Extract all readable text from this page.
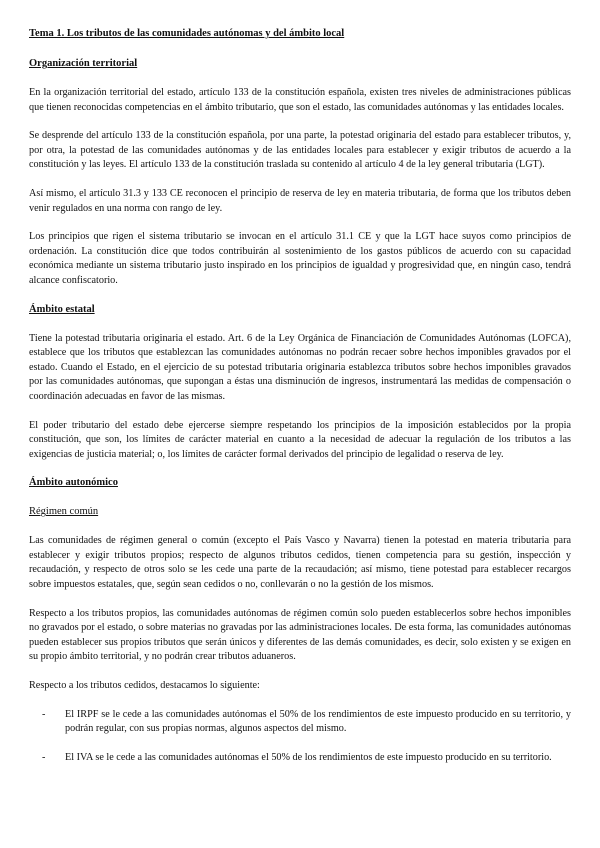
Tema 1. Los tributos de las comunidades autónomas y del ámbito local
Organización territorial

En la organización territorial del estado, artículo 133 de la constitución española, existen tres niveles de administraciones públicas que tienen reconocidas competencias en el ámbito tributario, que son el estado, las comunidades autónomas y las entidades locales.

Se desprende del artículo 133 de la constitución española, por una parte, la potestad originaria del estado para establecer tributos, y, por otra, la potestad de las comunidades autónomas y de las entidades locales para establecer y exigir tributos de acuerdo a la constitución y las leyes. El artículo 133 de la constitución traslada su contenido al artículo 4 de la ley general tributaria (LGT).

Así mismo, el artículo 31.3 y 133 CE reconocen el principio de reserva de ley en materia tributaria, de forma que los tributos deben venir regulados en una norma con rango de ley.

Los principios que rigen el sistema tributario se invocan en el artículo 31.1 CE y que la LGT hace suyos como principios de ordenación. La constitución dice que todos contribuirán al sostenimiento de los gastos públicos de acuerdo con su capacidad económica mediante un sistema tributario justo inspirado en los principios de igualdad y progresividad que, en ningún caso, tendrá alcance confiscatorio.

Ámbito estatal

Tiene la potestad tributaria originaria el estado. Art. 6 de la Ley Orgánica de Financiación de Comunidades Autónomas (LOFCA), establece que los tributos que establezcan las comunidades autónomas no podrán recaer sobre hechos imponibles gravados por el estado. Cuando el Estado, en el ejercicio de su potestad tributaria originaria establezca tributos sobre hechos imponibles gravados por las comunidades autónomas, que supongan a éstas una disminución de ingresos, instrumentará las medidas de compensación o coordinación adecuadas en favor de las mismas.

El poder tributario del estado debe ejercerse siempre respetando los principios de la imposición establecidos por la propia constitución, que son, los límites de carácter material en cuanto a la necesidad de adecuar la regulación de los tributos a las exigencias de justicia material; o, los límites de carácter formal derivados del principio de legalidad o reserva de ley.

Ámbito autonómico
Régimen común

Las comunidades de régimen general o común (excepto el País Vasco y Navarra) tienen la potestad en materia tributaria para establecer y exigir tributos propios; respecto de algunos tributos cedidos, tienen competencia para su gestión, inspección y recaudación, y respecto de otros solo se les cede una parte de la recaudación; así mismo, tiene potestad para establecer recargos sobre impuestos estatales, que, según sean cedidos o no, conllevarán o no la gestión de los mismos.

Respecto a los tributos propios, las comunidades autónomas de régimen común solo pueden establecerlos sobre hechos imponibles no gravados por el estado, o sobre materias no gravadas por las administraciones locales. De esta forma, las comunidades autónomas pueden establecer sus propios tributos que serán únicos y diferentes de las demás comunidades, es decir, solo existen y se exigen en su propio ámbito territorial, y no podrán crear tributos aduaneros.

Respecto a los tributos cedidos, destacamos lo siguiente:

- El IRPF se le cede a las comunidades autónomas el 50% de los rendimientos de este impuesto producido en su territorio, y podrán regular, con sus propias normas, algunos aspectos del mismo.
- El IVA se le cede a las comunidades autónomas el 50% de los rendimientos de este impuesto producido en su territorio.
